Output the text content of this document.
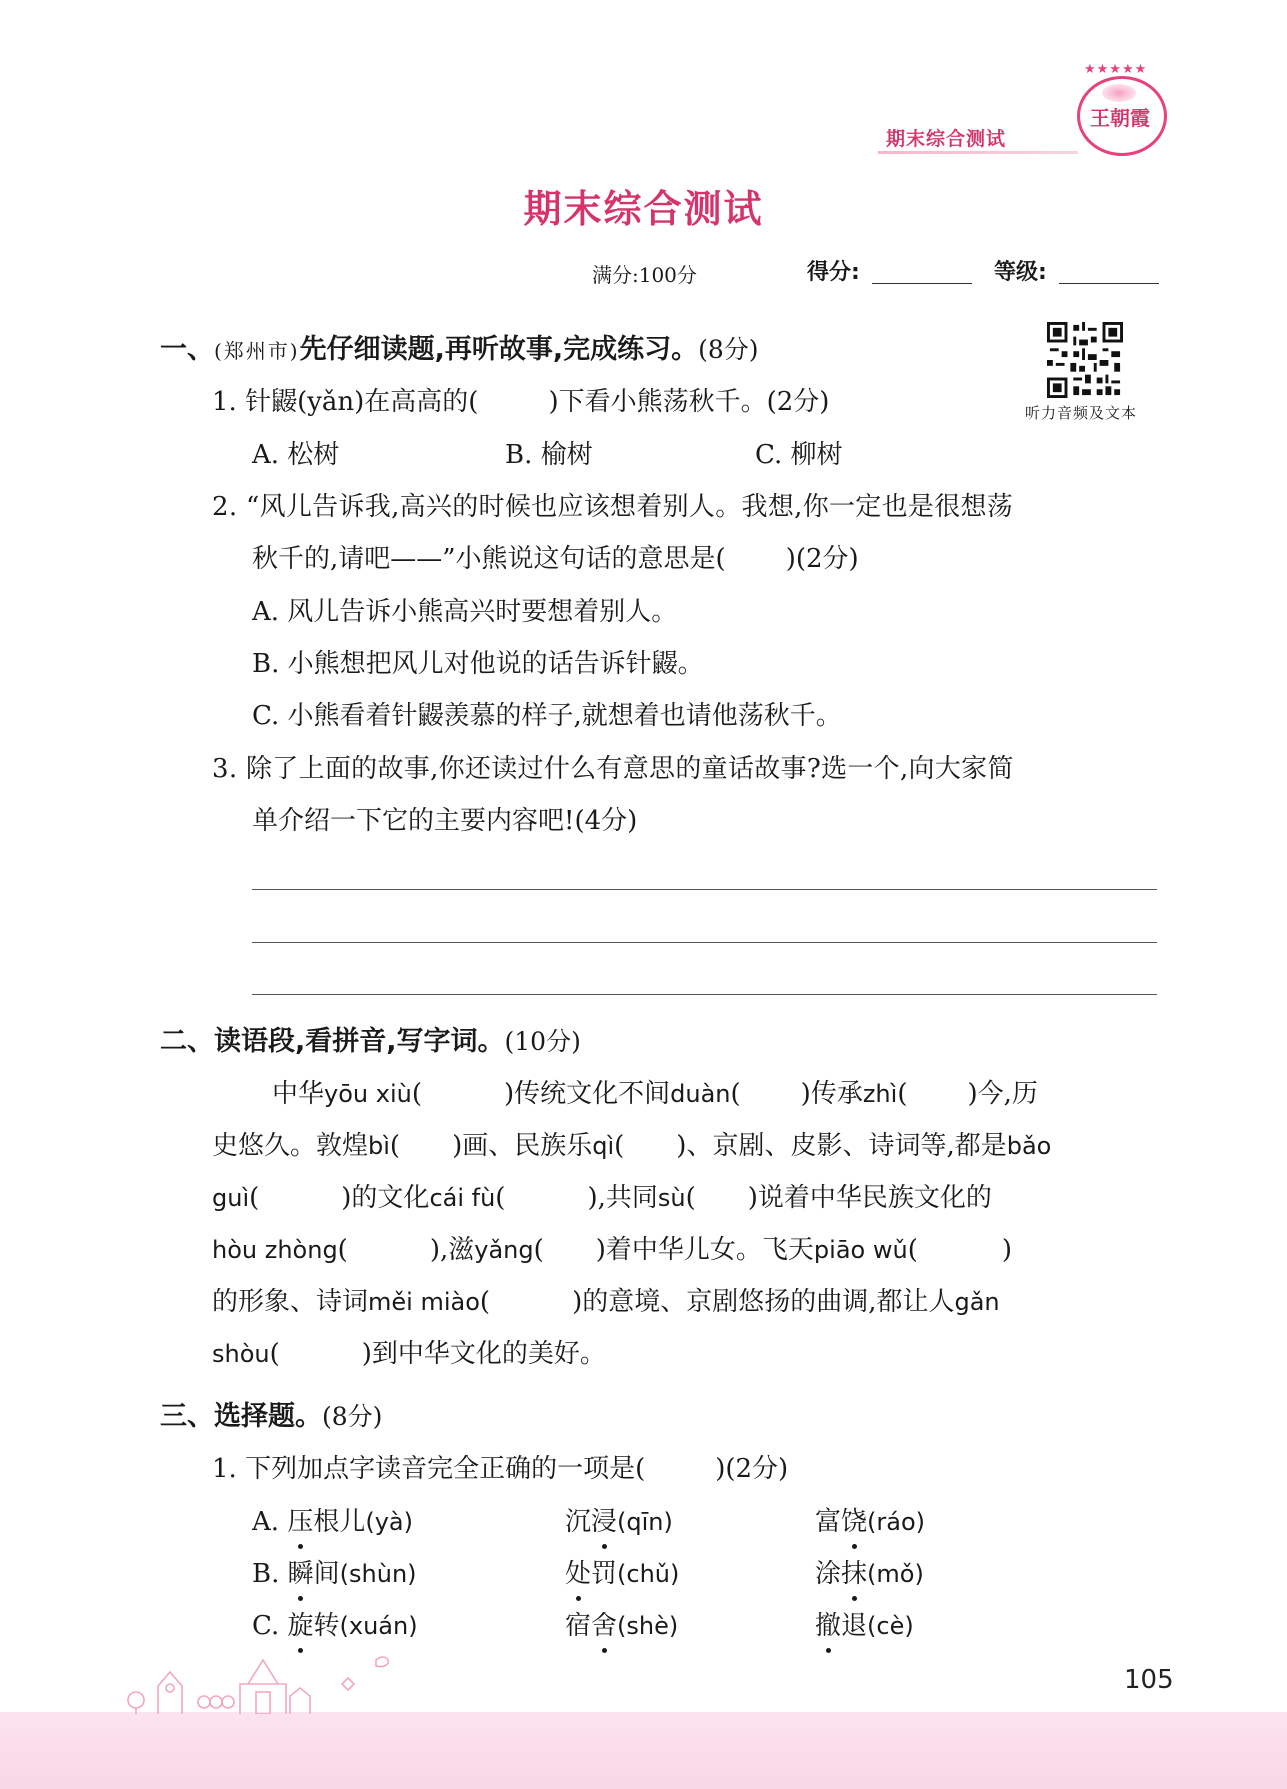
期末综合测试
★★★★★
王朝霞
期末综合测试
满分:100分	得分:	等级:
听力音频及文本
一、(郑州市)先仔细读题,再听故事,完成练习。(8分)
1. 针鼹(yǎn)在高高的(	)下看小熊荡秋千。(2分)
A. 松树	B. 榆树	C. 柳树
2. “风儿告诉我,高兴的时候也应该想着别人。我想,你一定也是很想荡
秋千的,请吧——”小熊说这句话的意思是( )(2分)
A. 风儿告诉小熊高兴时要想着别人。
B. 小熊想把风儿对他说的话告诉针鼹。
C. 小熊看着针鼹羡慕的样子,就想着也请他荡秋千。
3. 除了上面的故事,你还读过什么有意思的童话故事?选一个,向大家简
单介绍一下它的主要内容吧!(4分)
二、读语段,看拼音,写字词。(10分)
中华yōu xiù(	)传统文化不间duàn( )传承zhì( )今,历
史悠久。敦煌bì( )画、民族乐qì( )、京剧、皮影、诗词等,都是bǎo
guì(	)的文化cái fù(	),共同sù( )说着中华民族文化的
hòu zhòng(	),滋yǎng( )着中华儿女。飞天piāo wǔ(	)
的形象、诗词měi miào(	)的意境、京剧悠扬的曲调,都让人gǎn
shòu(	)到中华文化的美好。
三、选择题。(8分)
1. 下列加点字读音完全正确的一项是(	)(2分)
A. 压根儿(yà)	沉浸(qīn)	富饶(ráo)
B. 瞬间(shùn)	处罚(chǔ)	涂抹(mǒ)
C. 旋转(xuán)	宿舍(shè)	撤退(cè)
105
